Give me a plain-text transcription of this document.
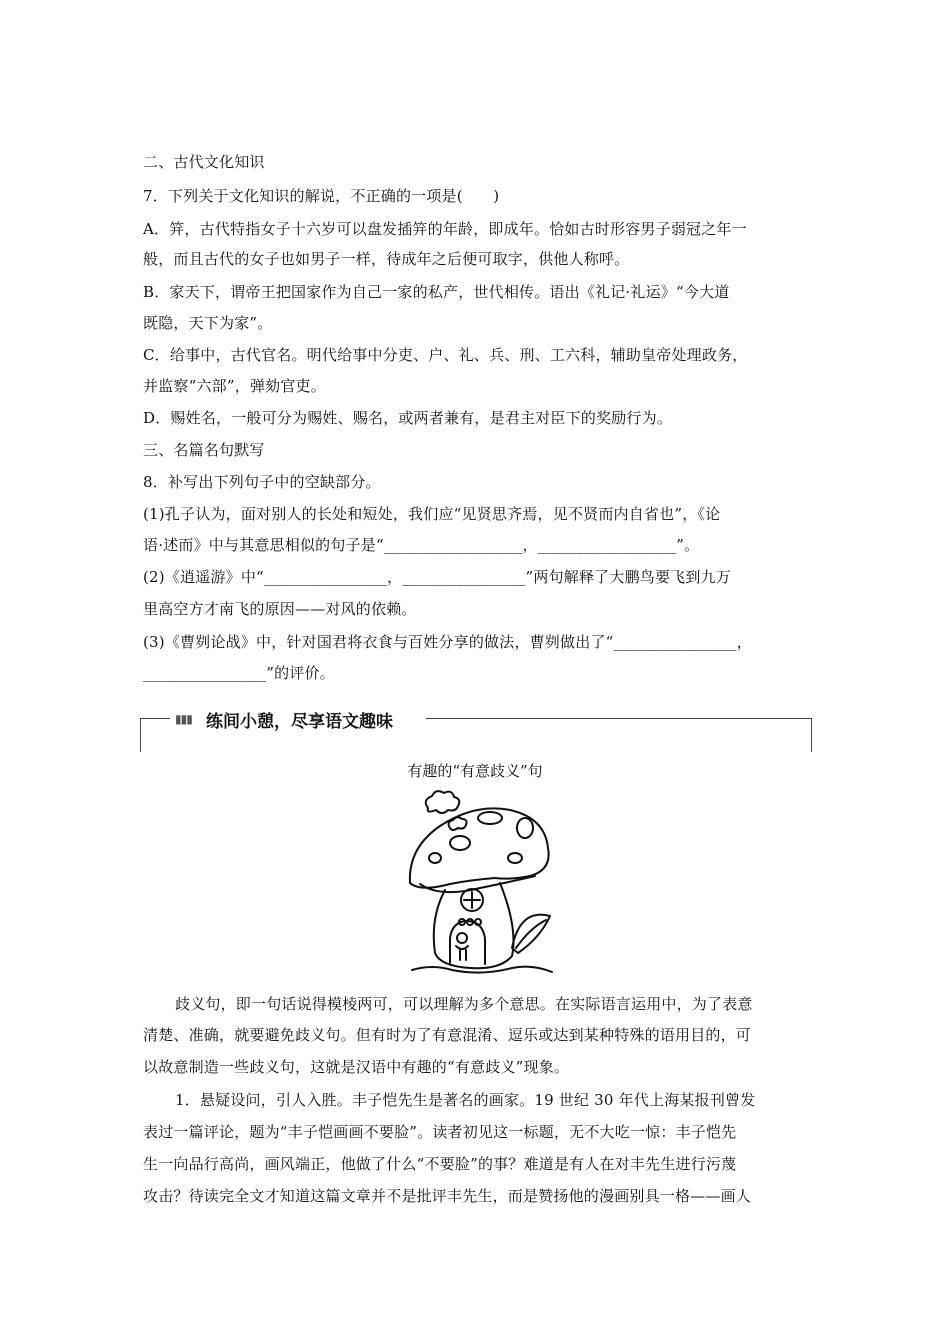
二、古代文化知识
7．下列关于文化知识的解说，不正确的一项是(　　)
A．笄，古代特指女子十六岁可以盘发插笄的年龄，即成年。恰如古时形容男子弱冠之年一
般，而且古代的女子也如男子一样，待成年之后便可取字，供他人称呼。
B．家天下，谓帝王把国家作为自己一家的私产，世代相传。语出《礼记·礼运》“今大道
既隐，天下为家”。
C．给事中，古代官名。明代给事中分吏、户、礼、兵、刑、工六科，辅助皇帝处理政务，
并监察“六部”，弹劾官吏。
D．赐姓名，一般可分为赐姓、赐名，或两者兼有，是君主对臣下的奖励行为。
三、名篇名句默写
8．补写出下列句子中的空缺部分。
(1)孔子认为，面对别人的长处和短处，我们应“见贤思齐焉，见不贤而内自省也”，《论
语·述而》中与其意思相似的句子是“__________________，__________________”。
(2)《逍遥游》中“________________，________________”两句解释了大鹏鸟要飞到九万
里高空方才南飞的原因——对风的依赖。
(3)《曹刿论战》中，针对国君将衣食与百姓分享的做法，曹刿做出了“________________，
________________”的评价。
▮▮▮ 练间小憩，尽享语文趣味
有趣的“有意歧义”句
歧义句，即一句话说得模棱两可，可以理解为多个意思。在实际语言运用中，为了表意
清楚、准确，就要避免歧义句。但有时为了有意混淆、逗乐或达到某种特殊的语用目的，可
以故意制造一些歧义句，这就是汉语中有趣的“有意歧义”现象。
1．悬疑设问，引人入胜。丰子恺先生是著名的画家。19 世纪 30 年代上海某报刊曾发
表过一篇评论，题为“丰子恺画画不要脸”。读者初见这一标题，无不大吃一惊：丰子恺先
生一向品行高尚，画风端正，他做了什么“不要脸”的事？难道是有人在对丰先生进行污蔑
攻击？待读完全文才知道这篇文章并不是批评丰先生，而是赞扬他的漫画别具一格——画人
